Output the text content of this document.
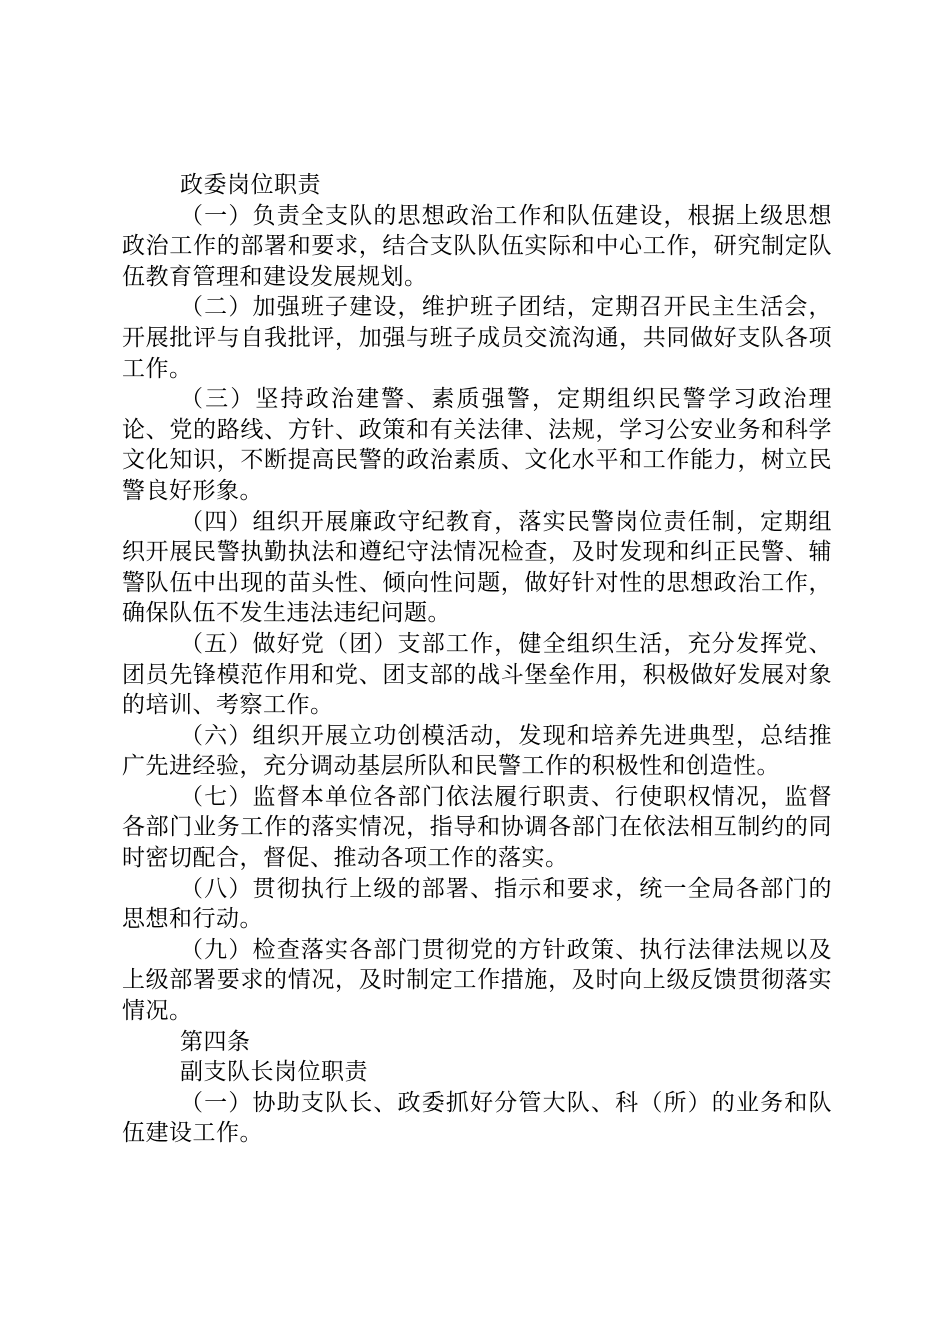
政委岗位职责

（一）负责全支队的思想政治工作和队伍建设，根据上级思想政治工作的部署和要求，结合支队队伍实际和中心工作，研究制定队伍教育管理和建设发展规划。

（二）加强班子建设，维护班子团结，定期召开民主生活会，开展批评与自我批评，加强与班子成员交流沟通，共同做好支队各项工作。

（三）坚持政治建警、素质强警，定期组织民警学习政治理论、党的路线、方针、政策和有关法律、法规，学习公安业务和科学文化知识，不断提高民警的政治素质、文化水平和工作能力，树立民警良好形象。

（四）组织开展廉政守纪教育，落实民警岗位责任制，定期组织开展民警执勤执法和遵纪守法情况检查，及时发现和纠正民警、辅警队伍中出现的苗头性、倾向性问题，做好针对性的思想政治工作，确保队伍不发生违法违纪问题。

（五）做好党（团）支部工作，健全组织生活，充分发挥党、团员先锋模范作用和党、团支部的战斗堡垒作用，积极做好发展对象的培训、考察工作。

（六）组织开展立功创模活动，发现和培养先进典型，总结推广先进经验，充分调动基层所队和民警工作的积极性和创造性。

（七）监督本单位各部门依法履行职责、行使职权情况，监督各部门业务工作的落实情况，指导和协调各部门在依法相互制约的同时密切配合，督促、推动各项工作的落实。

（八）贯彻执行上级的部署、指示和要求，统一全局各部门的思想和行动。

（九）检查落实各部门贯彻党的方针政策、执行法律法规以及上级部署要求的情况，及时制定工作措施，及时向上级反馈贯彻落实情况。

第四条

副支队长岗位职责

（一）协助支队长、政委抓好分管大队、科（所）的业务和队伍建设工作。
